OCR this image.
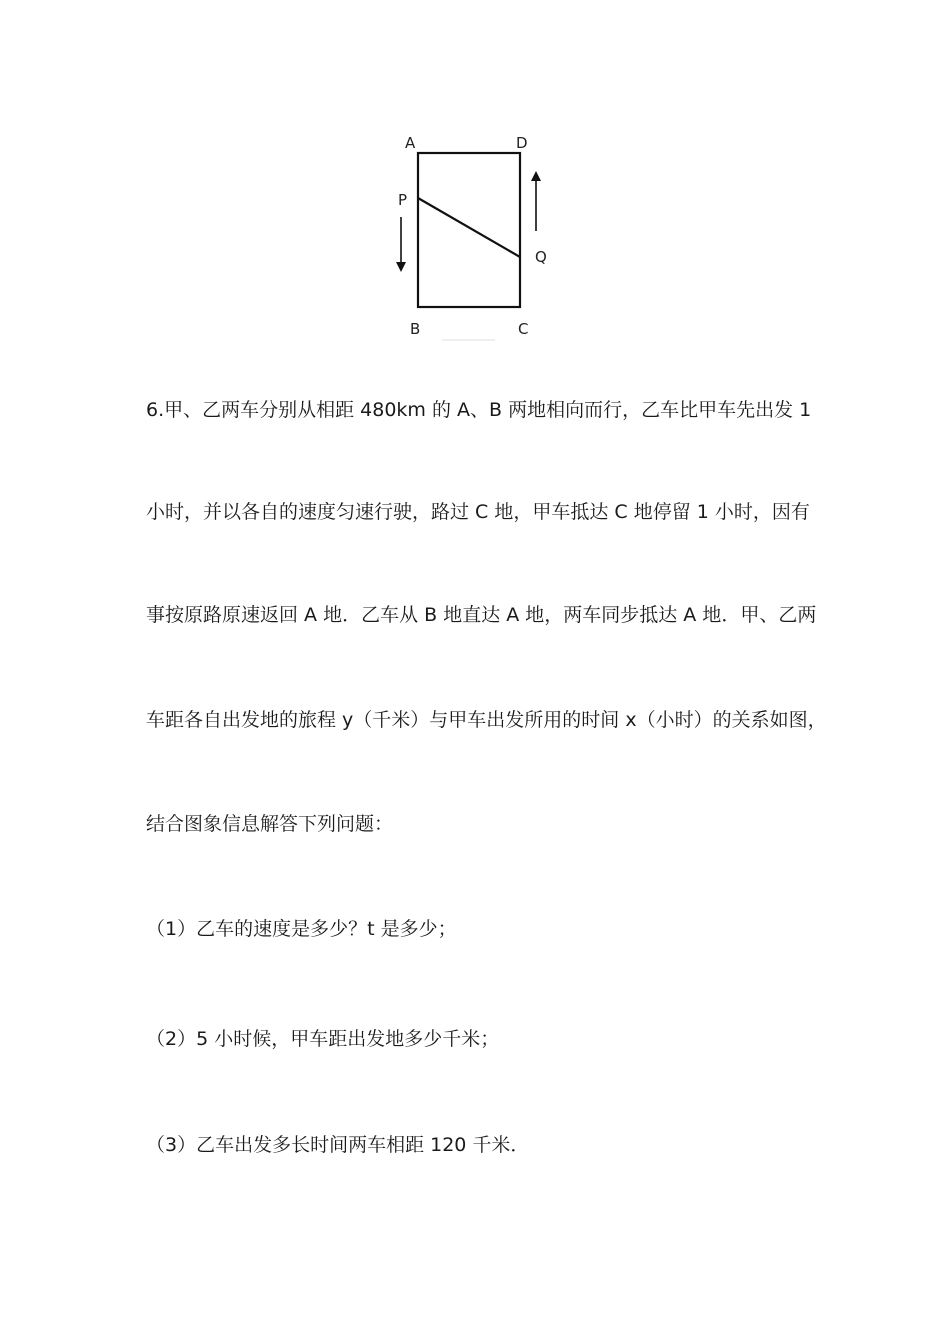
A	D
P
Q
B	C
6.甲、乙两车分别从相距 480km 的 A、B 两地相向而行，乙车比甲车先出发 1
小时，并以各自的速度匀速行驶，路过 C 地，甲车抵达 C 地停留 1 小时，因有
事按原路原速返回 A 地．乙车从 B 地直达 A 地，两车同步抵达 A 地．甲、乙两
车距各自出发地的旅程 y（千米）与甲车出发所用的时间 x（小时）的关系如图，
结合图象信息解答下列问题：
（1）乙车的速度是多少？t 是多少；
（2）5 小时候，甲车距出发地多少千米；
（3）乙车出发多长时间两车相距 120 千米．
